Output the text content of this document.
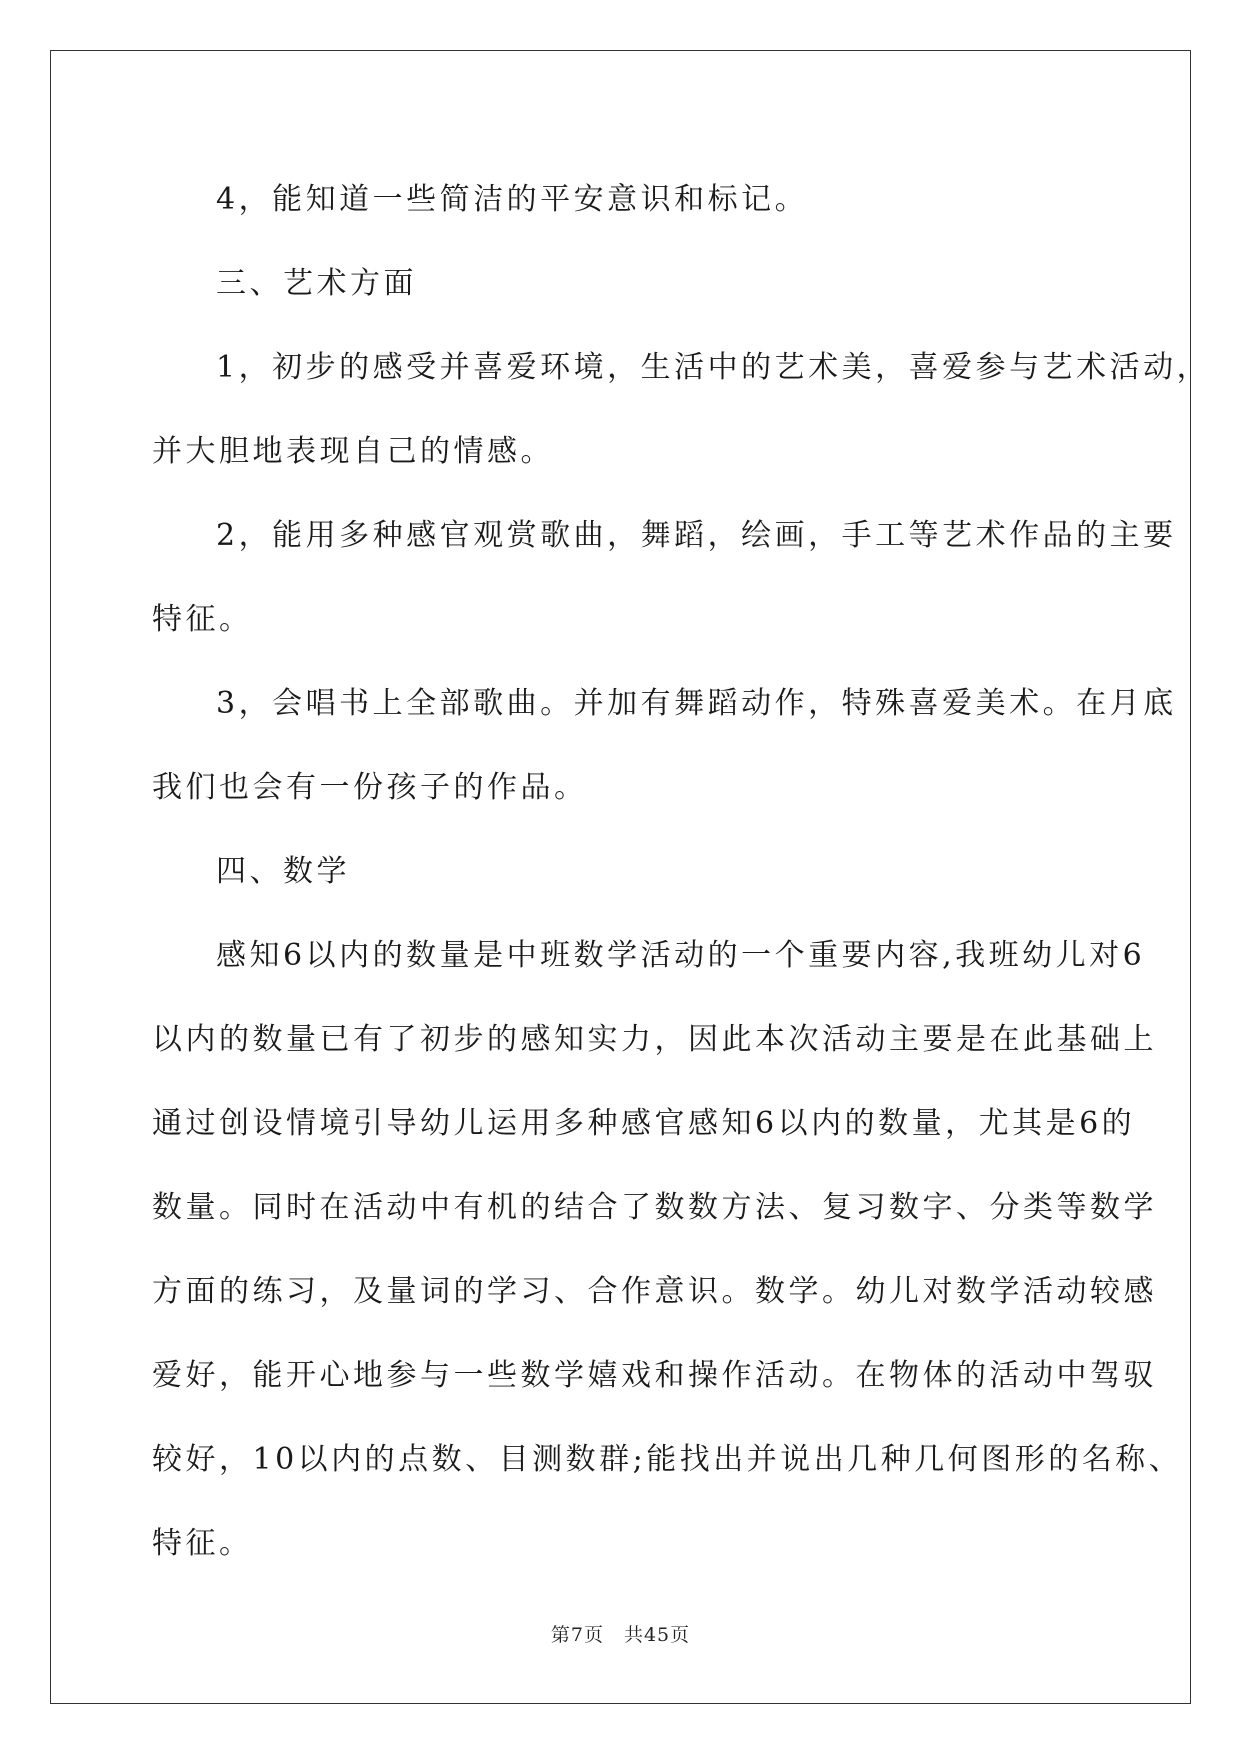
4，能知道一些简洁的平安意识和标记。

三、艺术方面

1，初步的感受并喜爱环境，生活中的艺术美，喜爱参与艺术活动，
并大胆地表现自己的情感。

2，能用多种感官观赏歌曲，舞蹈，绘画，手工等艺术作品的主要
特征。

3，会唱书上全部歌曲。并加有舞蹈动作，特殊喜爱美术。在月底
我们也会有一份孩子的作品。

四、数学

感知6以内的数量是中班数学活动的一个重要内容,我班幼儿对6
以内的数量已有了初步的感知实力，因此本次活动主要是在此基础上
通过创设情境引导幼儿运用多种感官感知6以内的数量，尤其是6的
数量。同时在活动中有机的结合了数数方法、复习数字、分类等数学
方面的练习，及量词的学习、合作意识。数学。幼儿对数学活动较感
爱好，能开心地参与一些数学嬉戏和操作活动。在物体的活动中驾驭
较好，10以内的点数、目测数群;能找出并说出几种几何图形的名称、
特征。

第7页 共45页
